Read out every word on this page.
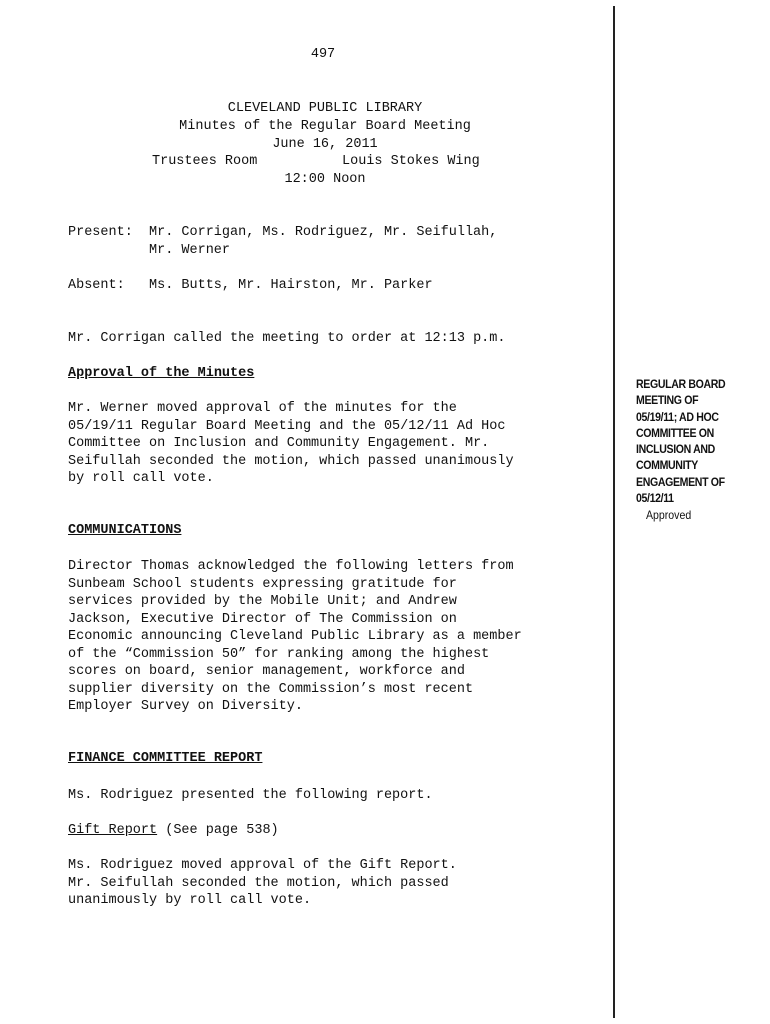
497
CLEVELAND PUBLIC LIBRARY
Minutes of the Regular Board Meeting
June 16, 2011
Trustees Room	Louis Stokes Wing
12:00 Noon
Present: Mr. Corrigan, Ms. Rodriguez, Mr. Seifullah,
Mr. Werner
Absent: Ms. Butts, Mr. Hairston, Mr. Parker
Mr. Corrigan called the meeting to order at 12:13 p.m.
Approval of the Minutes
Mr. Werner moved approval of the minutes for the
05/19/11 Regular Board Meeting and the 05/12/11 Ad Hoc
Committee on Inclusion and Community Engagement. Mr.
Seifullah seconded the motion, which passed unanimously
by roll call vote.
COMMUNICATIONS
Director Thomas acknowledged the following letters from
Sunbeam School students expressing gratitude for
services provided by the Mobile Unit; and Andrew
Jackson, Executive Director of The Commission on
Economic announcing Cleveland Public Library as a member
of the “Commission 50” for ranking among the highest
scores on board, senior management, workforce and
supplier diversity on the Commission’s most recent
Employer Survey on Diversity.
FINANCE COMMITTEE REPORT
Ms. Rodriguez presented the following report.
Gift Report (See page 538)
Ms. Rodriguez moved approval of the Gift Report.
Mr. Seifullah seconded the motion, which passed
unanimously by roll call vote.
REGULAR BOARD
MEETING OF
05/19/11; AD HOC
COMMITTEE ON
INCLUSION AND
COMMUNITY
ENGAGEMENT OF
05/12/11
Approved
